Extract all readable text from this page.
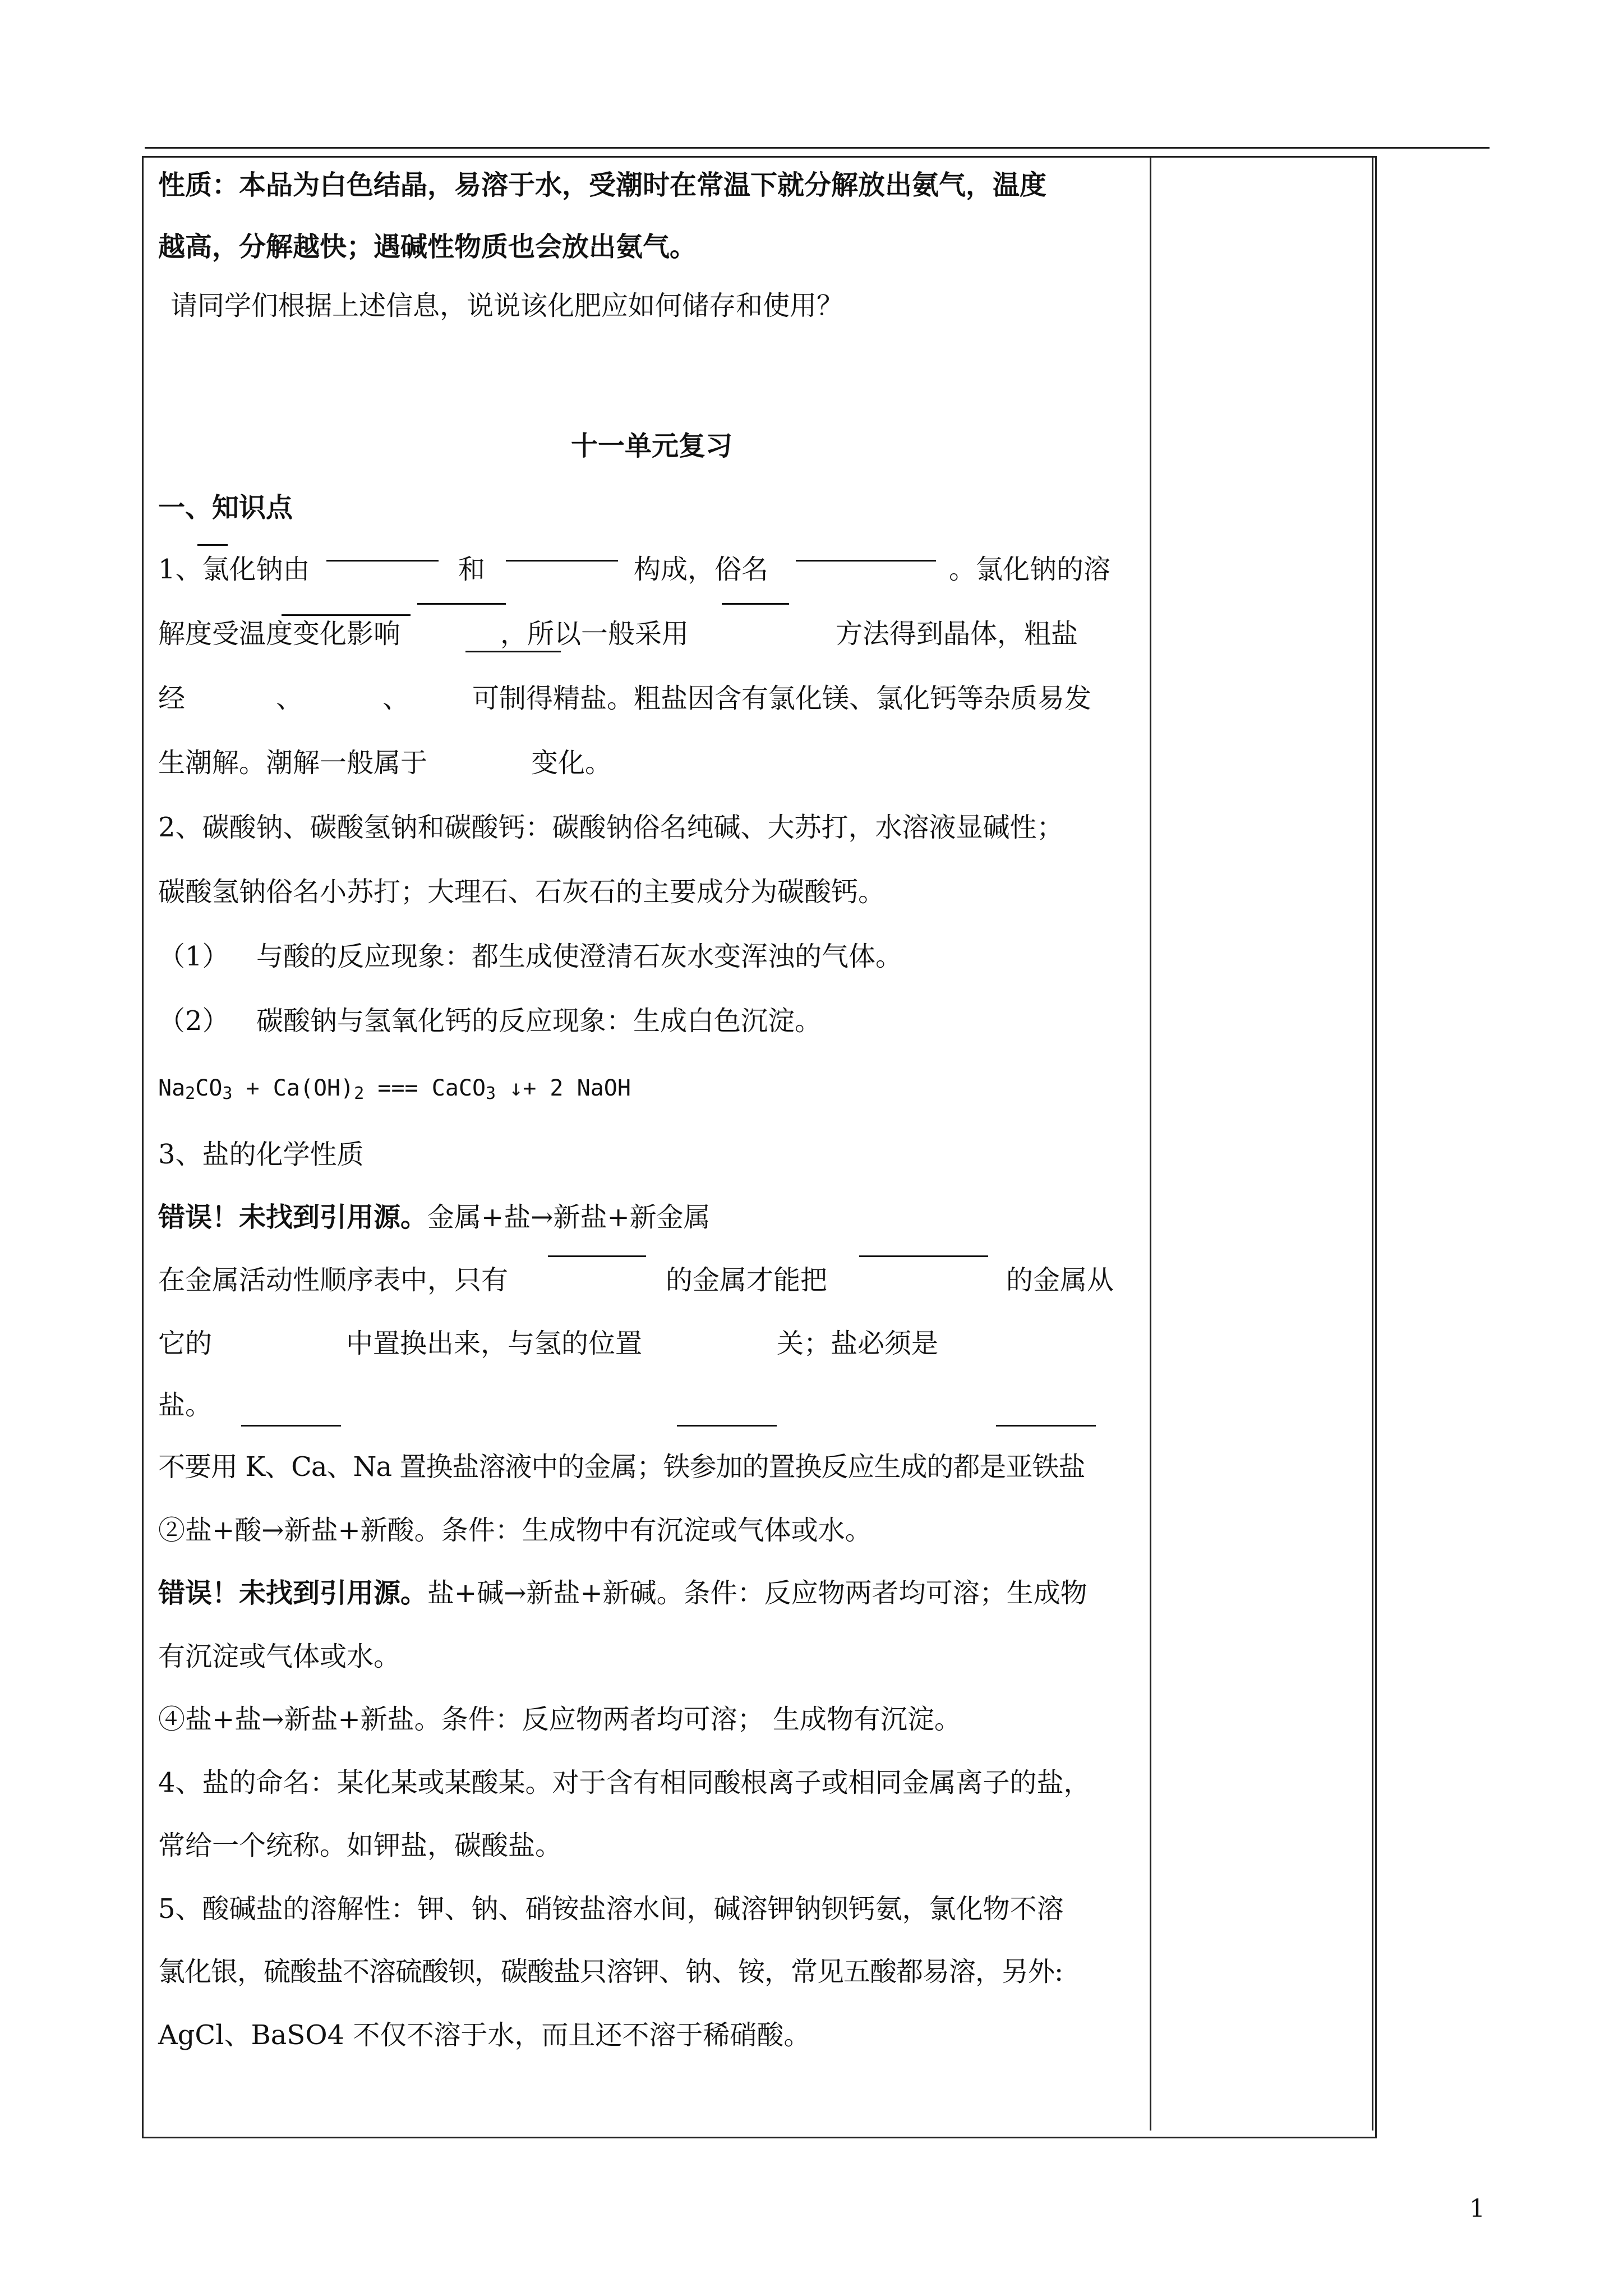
性质：本品为白色结晶，易溶于水，受潮时在常温下就分解放出氨气，温度
越高，分解越快；遇碱性物质也会放出氨气。
请同学们根据上述信息，说说该化肥应如何储存和使用？
十一单元复习
一、知识点
1、氯化钠由	和	构成，俗名	。氯化钠的溶
解度受温度变化影响	，所以一般采用	方法得到晶体，粗盐
经	、	、 可制得精盐。粗盐因含有氯化镁、氯化钙等杂质易发
生潮解。潮解一般属于	变化。
2、碳酸钠、碳酸氢钠和碳酸钙：碳酸钠俗名纯碱、大苏打，水溶液显碱性；
碳酸氢钠俗名小苏打；大理石、石灰石的主要成分为碳酸钙。
（1） 与酸的反应现象：都生成使澄清石灰水变浑浊的气体。
（2） 碳酸钠与氢氧化钙的反应现象：生成白色沉淀。
$Na_2CO_3 + Ca(OH)_2$ === CaCO$_3$ ↓+ 2 NaOH
3、盐的化学性质
错误！未找到引用源。金属+盐→新盐+新金属
在金属活动性顺序表中，只有	的金属才能把	的金属从
它的	中置换出来，与氢的位置	关；盐必须是
盐。
不要用 K、Ca、Na 置换盐溶液中的金属；铁参加的置换反应生成的都是亚铁盐
②盐+酸→新盐+新酸。条件：生成物中有沉淀或气体或水。
错误！未找到引用源。盐+碱→新盐+新碱。条件：反应物两者均可溶；生成物
有沉淀或气体或水。
④盐+盐→新盐+新盐。条件：反应物两者均可溶； 生成物有沉淀。
4、盐的命名：某化某或某酸某。对于含有相同酸根离子或相同金属离子的盐，
常给一个统称。如钾盐，碳酸盐。
5、酸碱盐的溶解性：钾、钠、硝铵盐溶水间，碱溶钾钠钡钙氨，氯化物不溶
氯化银，硫酸盐不溶硫酸钡，碳酸盐只溶钾、钠、铵，常见五酸都易溶，另外:
AgCl、BaSO4 不仅不溶于水，而且还不溶于稀硝酸。
1
